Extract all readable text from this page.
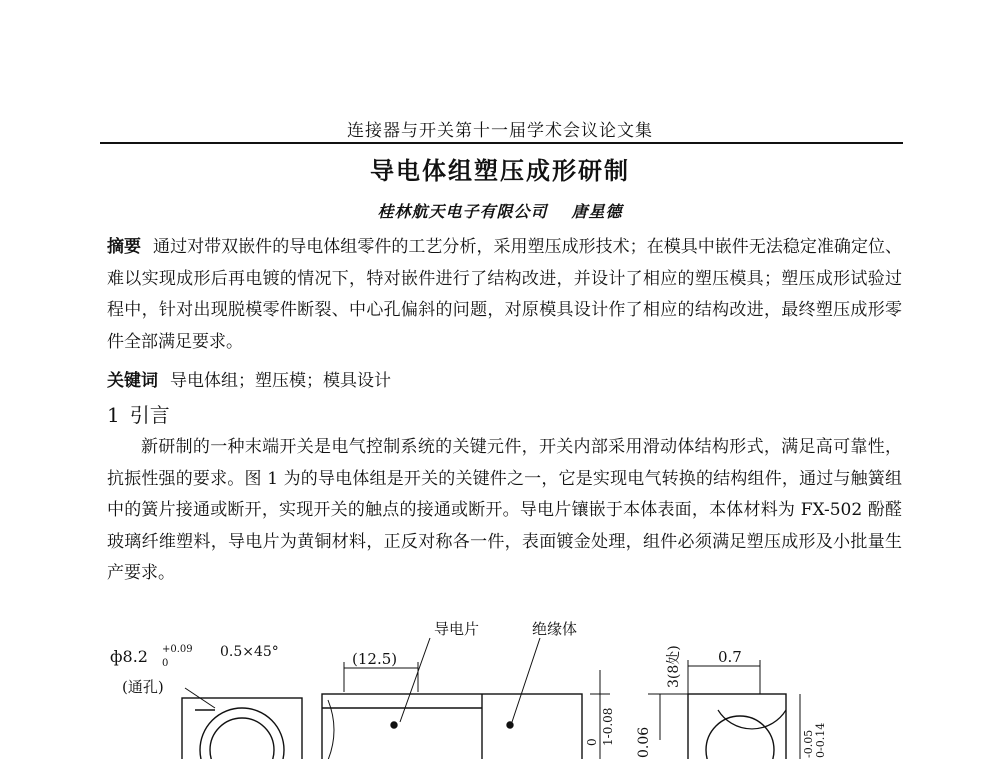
连接器与开关第十一届学术会议论文集
导电体组塑压成形研制
桂林航天电子有限公司 唐星德
摘要 通过对带双嵌件的导电体组零件的工艺分析，采用塑压成形技术；在模具中嵌件无法稳定准确定位、难以实现成形后再电镀的情况下，特对嵌件进行了结构改进，并设计了相应的塑压模具；塑压成形试验过程中，针对出现脱模零件断裂、中心孔偏斜的问题，对原模具设计作了相应的结构改进，最终塑压成形零件全部满足要求。
关键词 导电体组；塑压模；模具设计
1 引言
新研制的一种末端开关是电气控制系统的关键元件，开关内部采用滑动体结构形式，满足高可靠性，抗振性强的要求。图 1 为的导电体组是开关的关键件之一，它是实现电气转换的结构组件，通过与触簧组中的簧片接通或断开，实现开关的触点的接通或断开。导电片镶嵌于本体表面，本体材料为 FX-502 酚醛玻璃纤维塑料，导电片为黄铜材料，正反对称各一件，表面镀金处理，组件必须满足塑压成形及小批量生产要求。
ф8.2 +0.09
0
(通孔)
0.5×45°	(12.5)
导电片	绝缘体
1-0.08
0	0.06
3(8处) 0.7
-0.05 0-0.14
